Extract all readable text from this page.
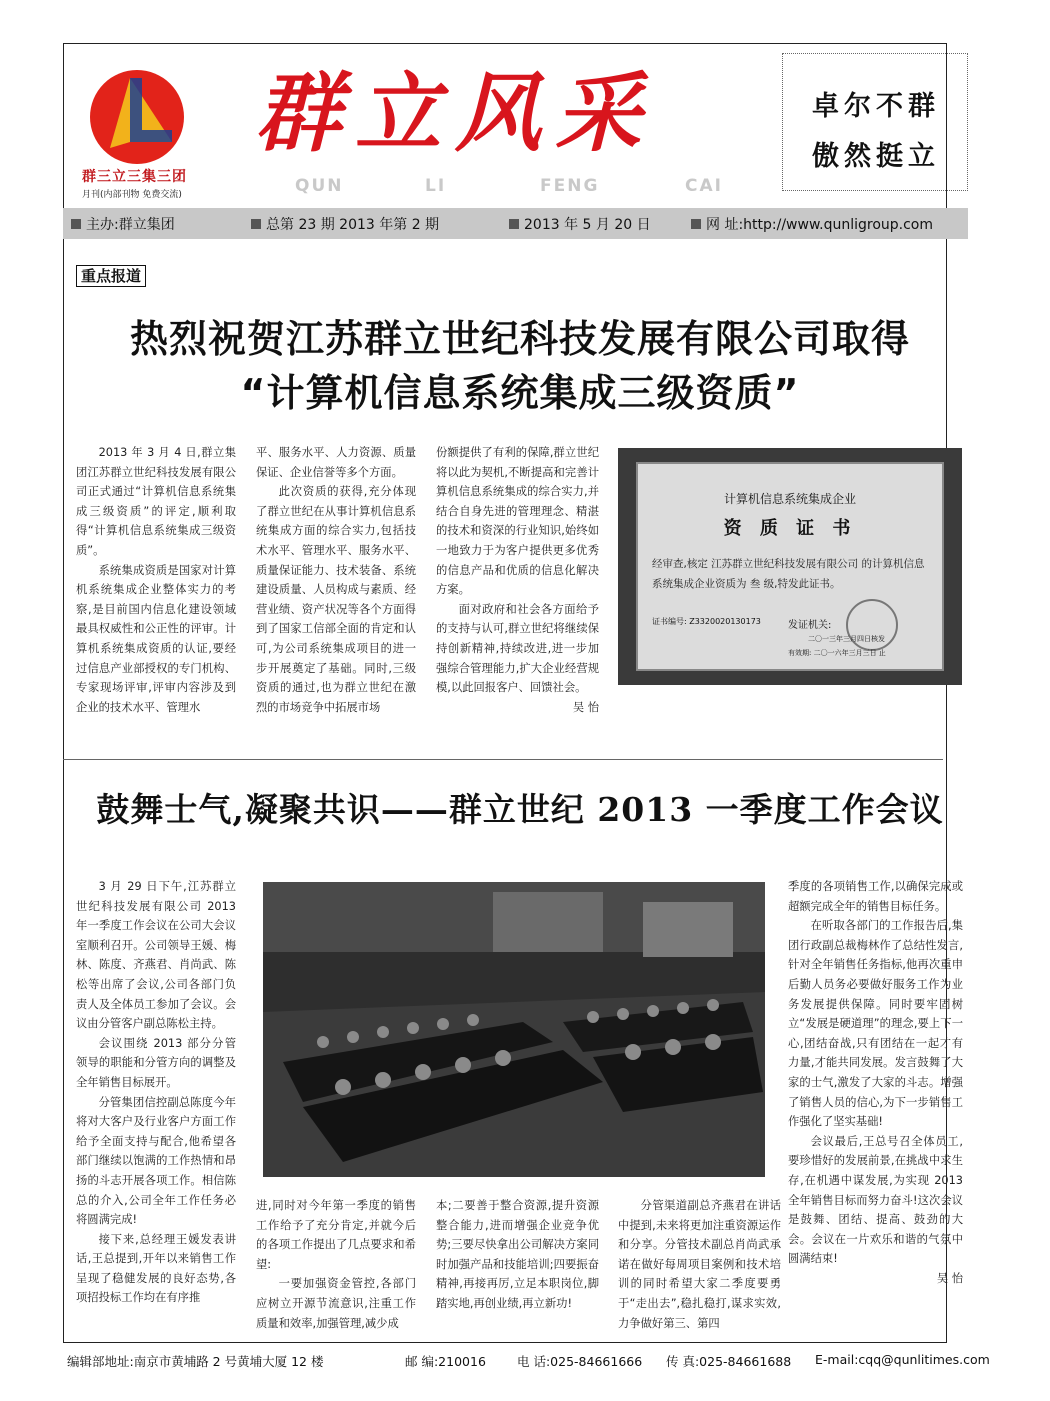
群三立三集三团
月刊(内部刊物 免费交流)
群立风采
QUN	LI	FENG	CAI
卓尔不群
傲然挺立
主办:群立集团	总第 23 期 2013 年第 2 期	2013 年 5 月 20 日	网 址:http://www.qunligroup.com
重点报道
热烈祝贺江苏群立世纪科技发展有限公司取得
“计算机信息系统集成三级资质”

2013 年 3 月 4 日,群立集团江苏群立世纪科技发展有限公司正式通过“计算机信息系统集成三级资质”的评定,顺利取得“计算机信息系统集成三级资质”。

系统集成资质是国家对计算机系统集成企业整体实力的考察,是目前国内信息化建设领域最具权威性和公正性的评审。计算机系统集成资质的认证,要经过信息产业部授权的专门机构、专家现场评审,评审内容涉及到企业的技术水平、管理水

平、服务水平、人力资源、质量保证、企业信誉等多个方面。

此次资质的获得,充分体现了群立世纪在从事计算机信息系统集成方面的综合实力,包括技术水平、管理水平、服务水平、质量保证能力、技术装备、系统建设质量、人员构成与素质、经营业绩、资产状况等各个方面得到了国家工信部全面的肯定和认可,为公司系统集成项目的进一步开展奠定了基础。同时,三级资质的通过,也为群立世纪在激烈的市场竞争中拓展市场

份额提供了有利的保障,群立世纪将以此为契机,不断提高和完善计算机信息系统集成的综合实力,并结合自身先进的管理理念、精湛的技术和资深的行业知识,始终如一地致力于为客户提供更多优秀的信息产品和优质的信息化解决方案。

面对政府和社会各方面给予的支持与认可,群立世纪将继续保持创新精神,持续改进,进一步加强综合管理能力,扩大企业经营规模,以此回报客户、回馈社会。

吴 怡
计算机信息系统集成企业
资 质 证 书
经审查,核定 江苏群立世纪科技发展有限公司 的计算机信息系统集成企业资质为 叁 级,特发此证书。
证书编号: Z3320020130173	发证机关:
二〇一三年三月四日核发
有效期: 二〇一六年三月三日 止
鼓舞士气,凝聚共识——群立世纪 2013 一季度工作会议

3 月 29 日下午,江苏群立世纪科技发展有限公司 2013 年一季度工作会议在公司大会议室顺利召开。公司领导王媛、梅林、陈度、齐燕君、肖尚武、陈松等出席了会议,公司各部门负责人及全体员工参加了会议。会议由分管客户副总陈松主持。

会议围绕 2013 部分分管领导的职能和分管方向的调整及全年销售目标展开。

分管集团信控副总陈度今年将对大客户及行业客户方面工作给予全面支持与配合,他希望各部门继续以饱满的工作热情和昂扬的斗志开展各项工作。相信陈总的介入,公司全年工作任务必将圆满完成!

接下来,总经理王媛发表讲话,王总提到,开年以来销售工作呈现了稳健发展的良好态势,各项招投标工作均在有序推

进,同时对今年第一季度的销售工作给予了充分肯定,并就今后的各项工作提出了几点要求和希望:

一要加强资金管控,各部门应树立开源节流意识,注重工作质量和效率,加强管理,减少成

本;二要善于整合资源,提升资源整合能力,进而增强企业竞争优势;三要尽快拿出公司解决方案同时加强产品和技能培训;四要振奋精神,再接再厉,立足本职岗位,脚踏实地,再创业绩,再立新功!

分管渠道副总齐燕君在讲话中提到,未来将更加注重资源运作和分享。分管技术副总肖尚武承诺在做好每周项目案例和技术培训的同时希望大家二季度要勇于“走出去”,稳扎稳打,谋求实效,力争做好第三、第四

季度的各项销售工作,以确保完成或超额完成全年的销售目标任务。

在听取各部门的工作报告后,集团行政副总裁梅林作了总结性发言,针对全年销售任务指标,他再次重申后勤人员务必要做好服务工作为业务发展提供保障。同时要牢固树立“发展是硬道理”的理念,要上下一心,团结奋战,只有团结在一起才有力量,才能共同发展。发言鼓舞了大家的士气,激发了大家的斗志。增强了销售人员的信心,为下一步销售工作强化了坚实基础!

会议最后,王总号召全体员工,要珍惜好的发展前景,在挑战中求生存,在机遇中谋发展,为实现 2013 全年销售目标而努力奋斗!这次会议是鼓舞、团结、提高、鼓劲的大会。会议在一片欢乐和谐的气氛中圆满结束!

吴 怡
编辑部地址:南京市黄埔路 2 号黄埔大厦 12 楼	邮 编:210016 电 话:025-84661666 传 真:025-84661688 E-mail:cqq@qunlitimes.com
